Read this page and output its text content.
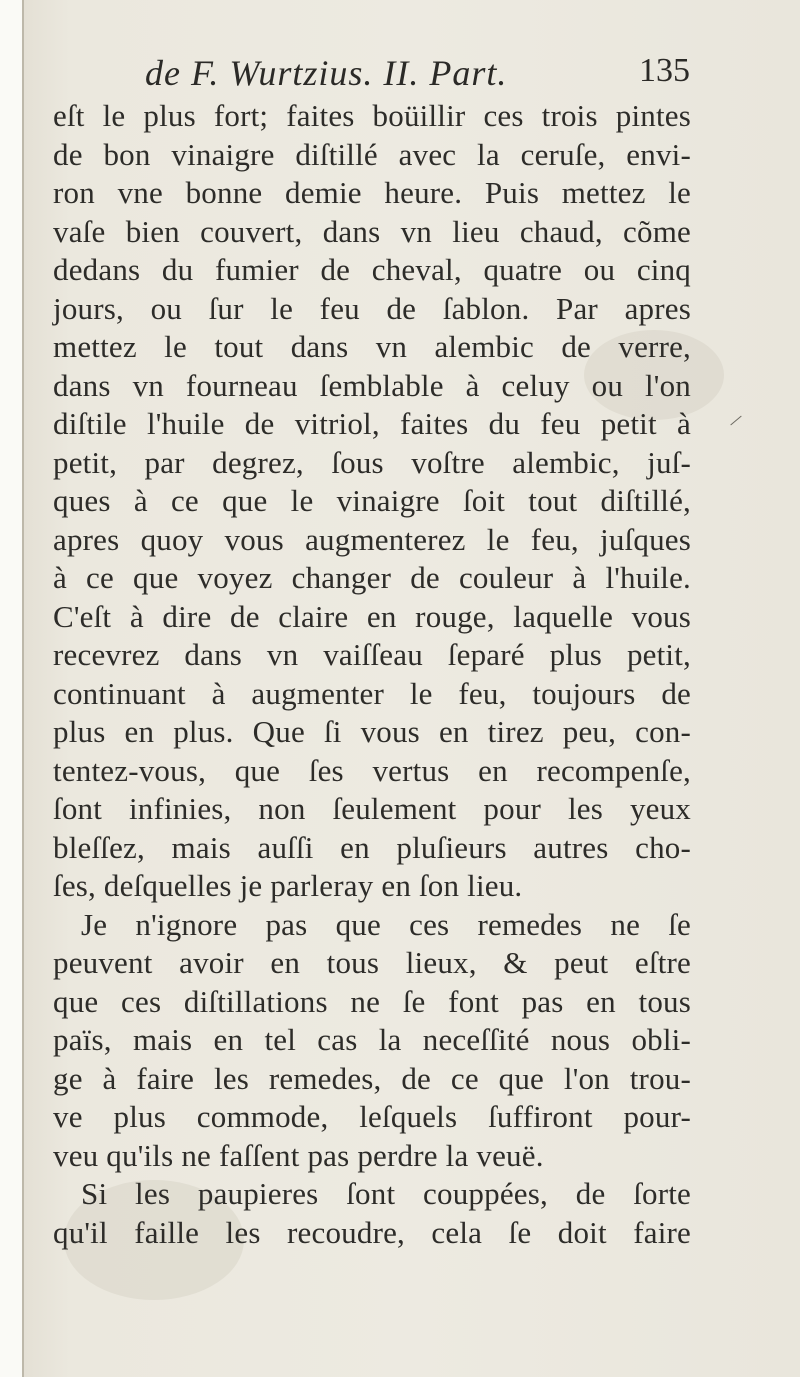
de F. Wurtzius. II. Part.	135
eſt le plus fort; faites boüillir ces trois pintes
de bon vinaigre diſtillé avec la ceruſe, envi-
ron vne bonne demie heure. Puis mettez le
vaſe bien couvert, dans vn lieu chaud, cõme
dedans du fumier de cheval, quatre ou cinq
jours, ou ſur le feu de ſablon. Par apres
mettez le tout dans vn alembic de verre,
dans vn fourneau ſemblable à celuy ou l'on
diſtile l'huile de vitriol, faites du feu petit à
petit, par degrez, ſous voſtre alembic, juſ-
ques à ce que le vinaigre ſoit tout diſtillé,
apres quoy vous augmenterez le feu, juſques
à ce que voyez changer de couleur à l'huile.
C'eſt à dire de claire en rouge, laquelle vous
recevrez dans vn vaiſſeau ſeparé plus petit,
continuant à augmenter le feu, toujours de
plus en plus. Que ſi vous en tirez peu, con-
tentez-vous, que ſes vertus en recompenſe,
ſont infinies, non ſeulement pour les yeux
bleſſez, mais auſſi en pluſieurs autres cho-
ſes, deſquelles je parleray en ſon lieu.
Je n'ignore pas que ces remedes ne ſe
peuvent avoir en tous lieux, & peut eſtre
que ces diſtillations ne ſe font pas en tous
païs, mais en tel cas la neceſſité nous obli-
ge à faire les remedes, de ce que l'on trou-
ve plus commode, leſquels ſuffiront pour-
veu qu'ils ne faſſent pas perdre la veuë.
Si les paupieres ſont couppées, de ſorte
qu'il faille les recoudre, cela ſe doit faire
